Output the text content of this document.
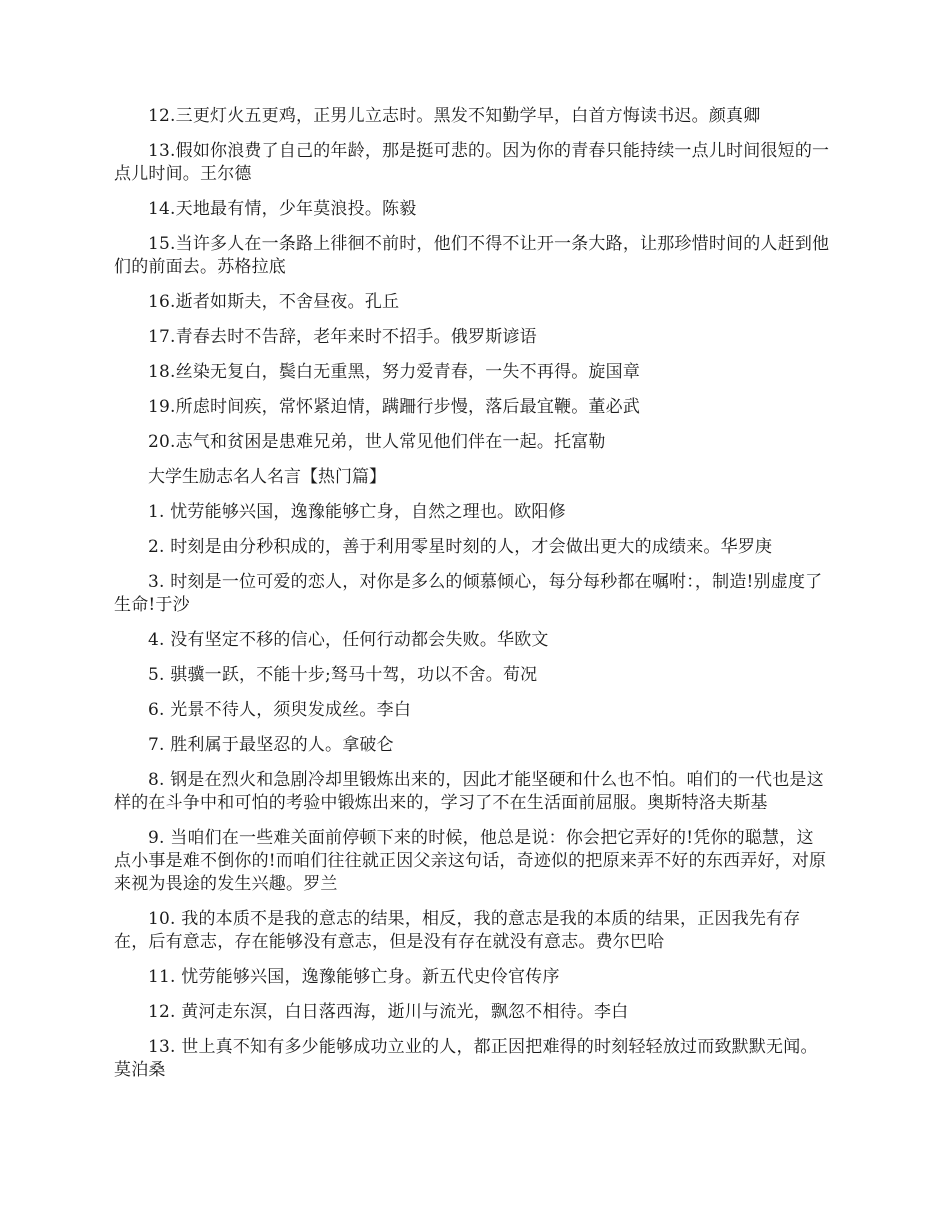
12.三更灯火五更鸡，正男儿立志时。黑发不知勤学早，白首方悔读书迟。颜真卿

13.假如你浪费了自己的年龄，那是挺可悲的。因为你的青春只能持续一点儿时间很短的一点儿时间。王尔德

14.天地最有情，少年莫浪投。陈毅

15.当许多人在一条路上徘徊不前时，他们不得不让开一条大路，让那珍惜时间的人赶到他们的前面去。苏格拉底

16.逝者如斯夫，不舍昼夜。孔丘

17.青春去时不告辞，老年来时不招手。俄罗斯谚语

18.丝染无复白，鬓白无重黑，努力爱青春，一失不再得。旋国章

19.所虑时间疾，常怀紧迫情，蹒跚行步慢，落后最宜鞭。董必武

20.志气和贫困是患难兄弟，世人常见他们伴在一起。托富勒

大学生励志名人名言【热门篇】

1. 忧劳能够兴国，逸豫能够亡身，自然之理也。欧阳修

2. 时刻是由分秒积成的，善于利用零星时刻的人，才会做出更大的成绩来。华罗庚

3. 时刻是一位可爱的恋人，对你是多么的倾慕倾心，每分每秒都在嘱咐：，制造!别虚度了生命!于沙

4. 没有坚定不移的信心，任何行动都会失败。华欧文

5. 骐骥一跃，不能十步;驽马十驾，功以不舍。荀况

6. 光景不待人，须臾发成丝。李白

7. 胜利属于最坚忍的人。拿破仑

8. 钢是在烈火和急剧冷却里锻炼出来的，因此才能坚硬和什么也不怕。咱们的一代也是这样的在斗争中和可怕的考验中锻炼出来的，学习了不在生活面前屈服。奥斯特洛夫斯基

9. 当咱们在一些难关面前停顿下来的时候，他总是说：你会把它弄好的!凭你的聪慧，这点小事是难不倒你的!而咱们往往就正因父亲这句话，奇迹似的把原来弄不好的东西弄好，对原来视为畏途的发生兴趣。罗兰

10. 我的本质不是我的意志的结果，相反，我的意志是我的本质的结果，正因我先有存在，后有意志，存在能够没有意志，但是没有存在就没有意志。费尔巴哈

11. 忧劳能够兴国，逸豫能够亡身。新五代史伶官传序

12. 黄河走东溟，白日落西海，逝川与流光，飘忽不相待。李白

13. 世上真不知有多少能够成功立业的人，都正因把难得的时刻轻轻放过而致默默无闻。莫泊桑
